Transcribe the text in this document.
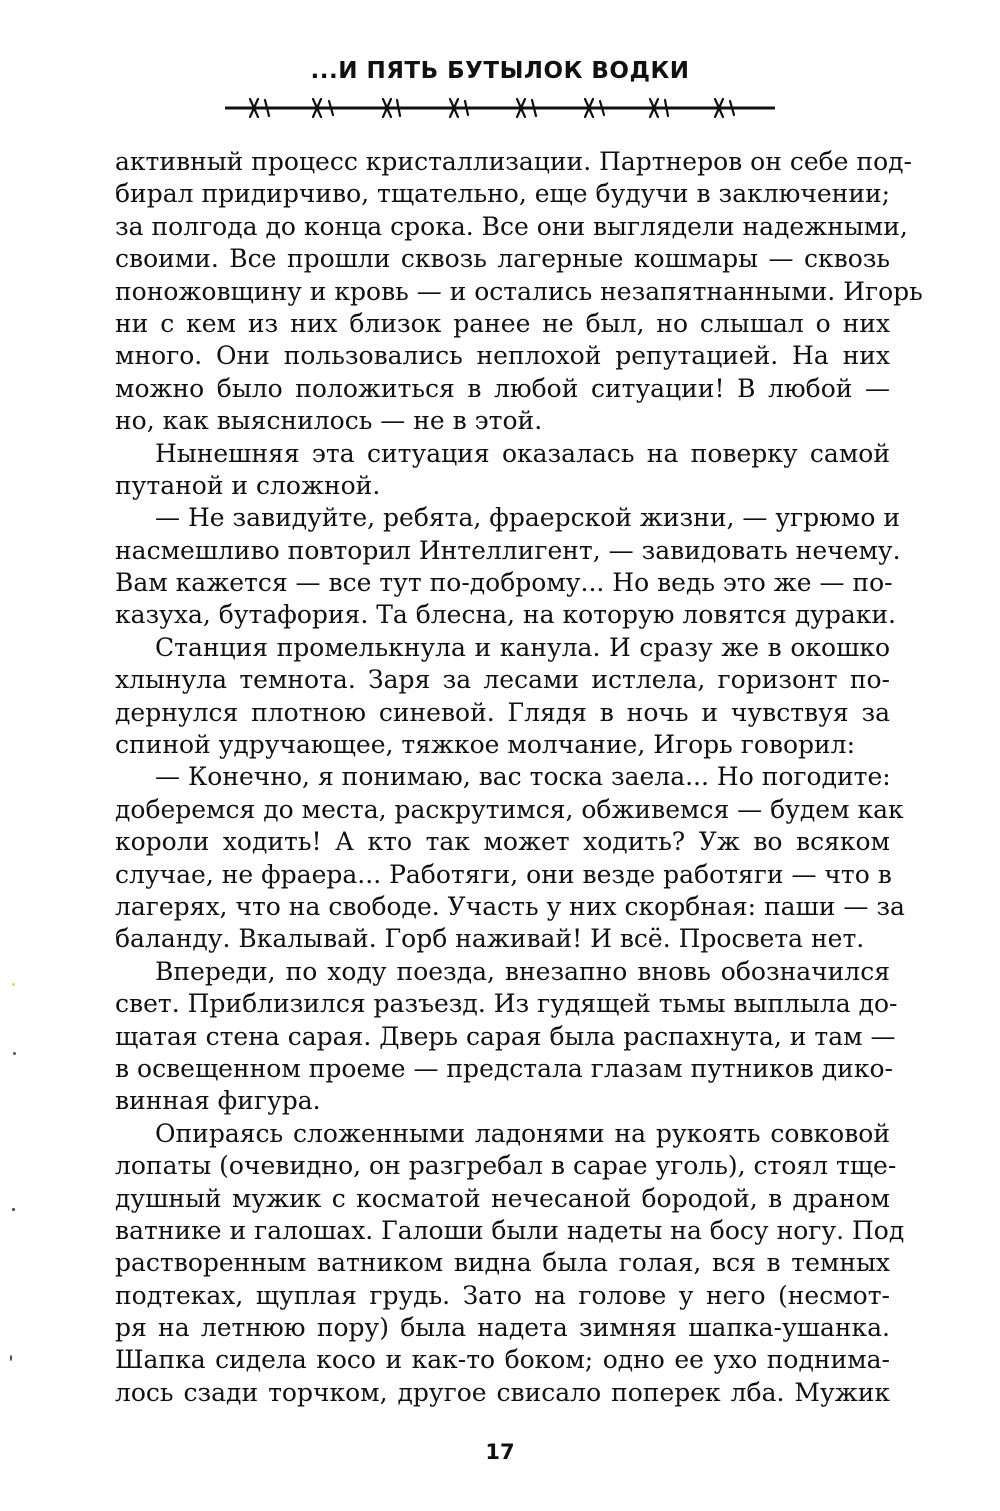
...И ПЯТЬ БУТЫЛОК ВОДКИ
активный процесс кристаллизации. Партнеров он себе под-
бирал придирчиво, тщательно, еще будучи в заключении;
за полгода до конца срока. Все они выглядели надежными,
своими. Все прошли сквозь лагерные кошмары — сквозь
поножовщину и кровь — и остались незапятнанными. Игорь
ни с кем из них близок ранее не был, но слышал о них
много. Они пользовались неплохой репутацией. На них
можно было положиться в любой ситуации! В любой —
но, как выяснилось — не в этой.
Нынешняя эта ситуация оказалась на поверку самой
путаной и сложной.
— Не завидуйте, ребята, фраерской жизни, — угрюмо и
насмешливо повторил Интеллигент, — завидовать нечему.
Вам кажется — все тут по-доброму... Но ведь это же — по-
казуха, бутафория. Та блесна, на которую ловятся дураки.
Станция промелькнула и канула. И сразу же в окошко
хлынула темнота. Заря за лесами истлела, горизонт по-
дернулся плотною синевой. Глядя в ночь и чувствуя за
спиной удручающее, тяжкое молчание, Игорь говорил:
— Конечно, я понимаю, вас тоска заела... Но погодите:
доберемся до места, раскрутимся, обживемся — будем как
короли ходить! А кто так может ходить? Уж во всяком
случае, не фраера... Работяги, они везде работяги — что в
лагерях, что на свободе. Участь у них скорбная: паши — за
баланду. Вкалывай. Горб наживай! И всё. Просвета нет.
Впереди, по ходу поезда, внезапно вновь обозначился
свет. Приблизился разъезд. Из гудящей тьмы выплыла до-
щатая стена сарая. Дверь сарая была распахнута, и там —
в освещенном проеме — предстала глазам путников дико-
винная фигура.
Опираясь сложенными ладонями на рукоять совковой
лопаты (очевидно, он разгребал в сарае уголь), стоял тще-
душный мужик с косматой нечесаной бородой, в драном
ватнике и галошах. Галоши были надеты на босу ногу. Под
растворенным ватником видна была голая, вся в темных
подтеках, щуплая грудь. Зато на голове у него (несмот-
ря на летнюю пору) была надета зимняя шапка-ушанка.
Шапка сидела косо и как-то боком; одно ее ухо поднима-
лось сзади торчком, другое свисало поперек лба. Мужик
17
